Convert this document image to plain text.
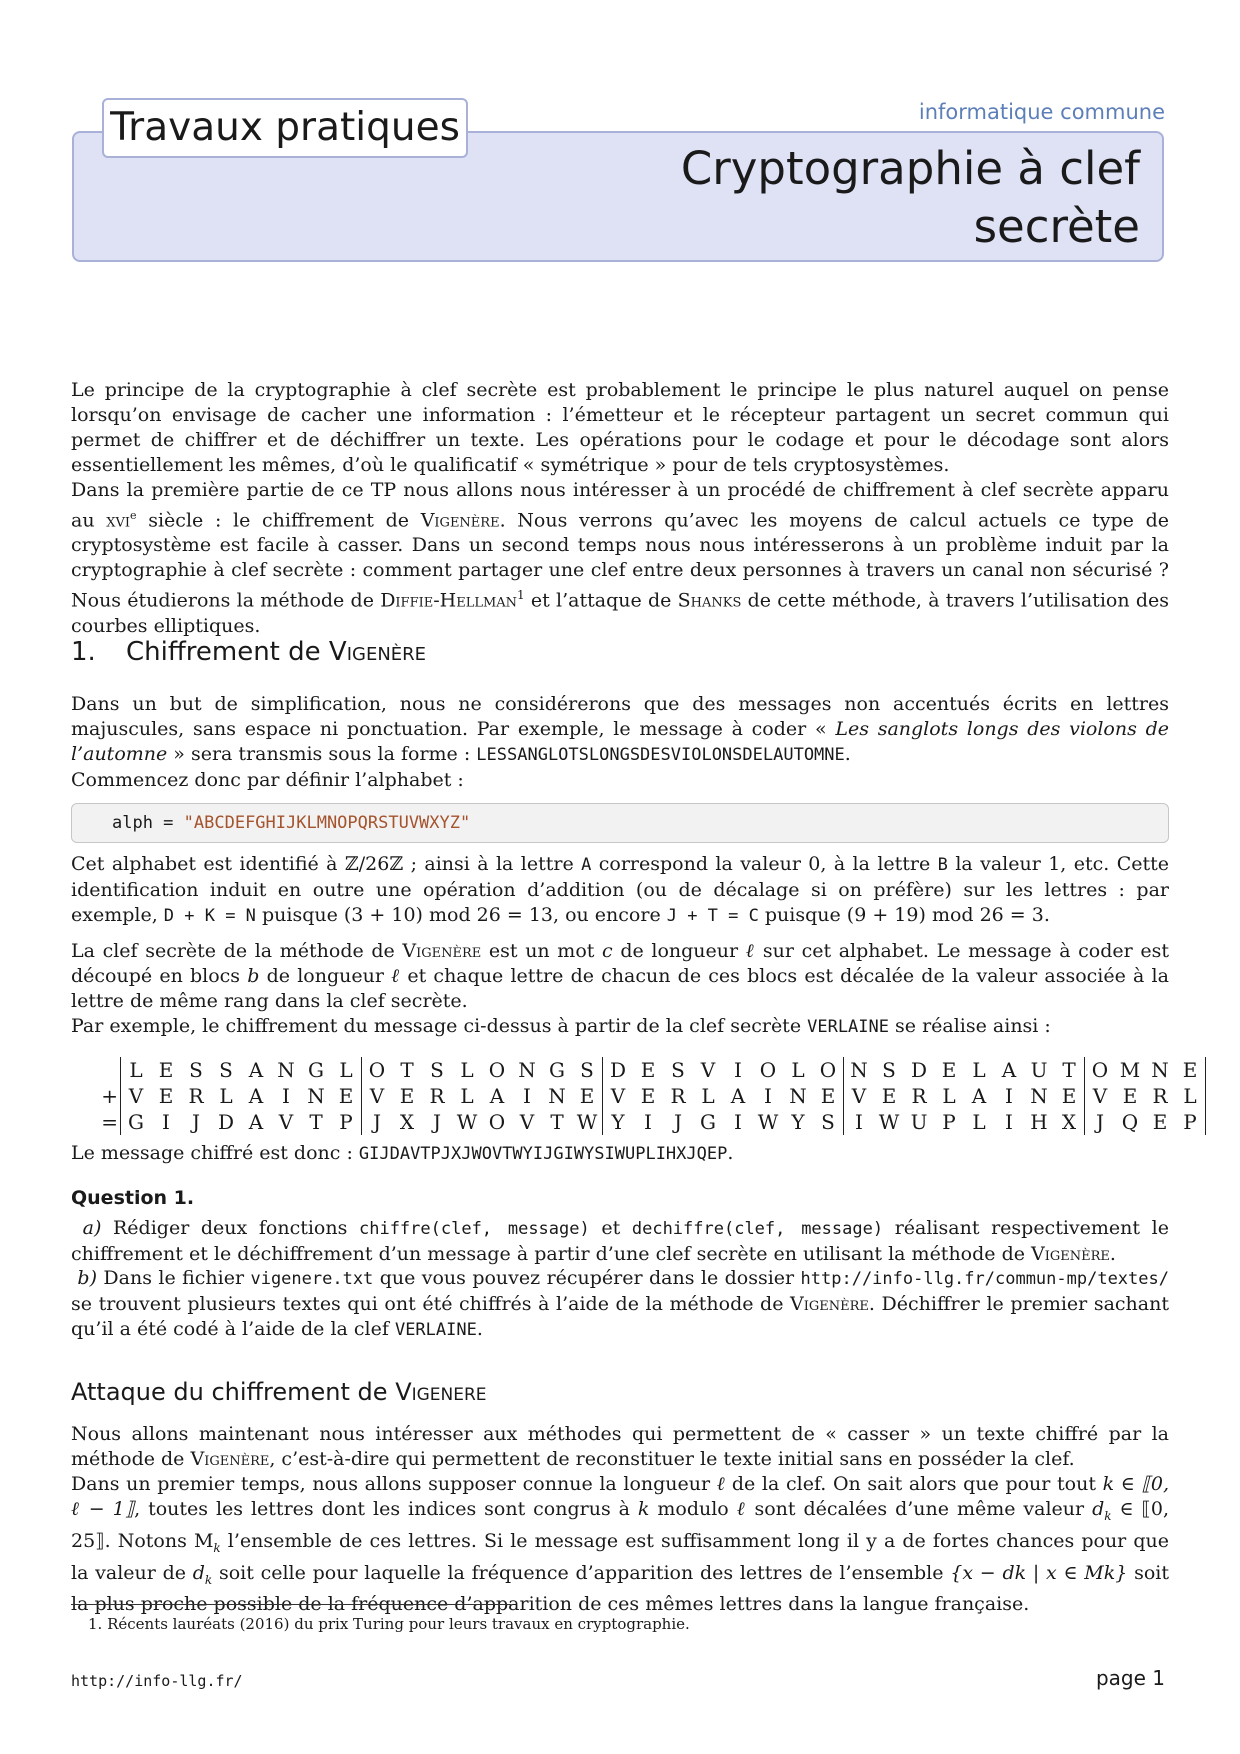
Travaux pratiques	informatique commune
Cryptographie à clef secrète

Le principe de la cryptographie à clef secrète est probablement le principe le plus naturel auquel on pense lorsqu’on envisage de cacher une information : l’émetteur et le récepteur partagent un secret commun qui permet de chiffrer et de déchiffrer un texte. Les opérations pour le codage et pour le décodage sont alors essentiellement les mêmes, d’où le qualificatif « symétrique » pour de tels cryptosystèmes.

Dans la première partie de ce TP nous allons nous intéresser à un procédé de chiffrement à clef secrète apparu au xvi$^e$ siècle : le chiffrement de Vigenère. Nous verrons qu’avec les moyens de calcul actuels ce type de cryptosystème est facile à casser. Dans un second temps nous nous intéresserons à un problème induit par la cryptographie à clef secrète : comment partager une clef entre deux personnes à travers un canal non sécurisé ? Nous étudierons la méthode de Diffie-Hellman$^1$ et l’attaque de Shanks de cette méthode, à travers l’utilisation des courbes elliptiques.

1. Chiffrement de Vigenère

Dans un but de simplification, nous ne considérerons que des messages non accentués écrits en lettres majuscules, sans espace ni ponctuation. Par exemple, le message à coder « Les sanglots longs des violons de l’automne » sera transmis sous la forme : LESSANGLOTSLONGSDESVIOLONSDELAUTOMNE.

Commencez donc par définir l’alphabet :

alph = "ABCDEFGHIJKLMNOPQRSTUVWXYZ"

Cet alphabet est identifié à ℤ/26ℤ ; ainsi à la lettre A correspond la valeur 0, à la lettre B la valeur 1, etc. Cette identification induit en outre une opération d’addition (ou de décalage si on préfère) sur les lettres : par exemple, D + K = N puisque (3 + 10) mod 26 = 13, ou encore J + T = C puisque (9 + 19) mod 26 = 3.

La clef secrète de la méthode de Vigenère est un mot c de longueur ℓ sur cet alphabet. Le message à coder est découpé en blocs b de longueur ℓ et chaque lettre de chacun de ces blocs est décalée de la valeur associée à la lettre de même rang dans la clef secrète.

Par exemple, le chiffrement du message ci-dessus à partir de la clef secrète VERLAINE se réalise ainsi :

	L	E	S	S	A	N	G	L	O	T	S	L	O	N	G	S	D	E	S	V	I	O	L	O	N	S	D	E	L	A	U	T	O	M	N	E
+	V	E	R	L	A	I	N	E	V	E	R	L	A	I	N	E	V	E	R	L	A	I	N	E	V	E	R	L	A	I	N	E	V	E	R	L
=	G	I	J	D	A	V	T	P	J	X	J	W	O	V	T	W	Y	I	J	G	I	W	Y	S	I	W	U	P	L	I	H	X	J	Q	E	P

Le message chiffré est donc : GIJDAVTPJXJWOVTWYIJGIWYSIWUPLIHXJQEP.

Question 1.

a) Rédiger deux fonctions chiffre(clef, message) et dechiffre(clef, message) réalisant respectivement le chiffrement et le déchiffrement d’un message à partir d’une clef secrète en utilisant la méthode de Vigenère.

b) Dans le fichier vigenere.txt que vous pouvez récupérer dans le dossier http://info-llg.fr/commun-mp/textes/ se trouvent plusieurs textes qui ont été chiffrés à l’aide de la méthode de Vigenère. Déchiffrer le premier sachant qu’il a été codé à l’aide de la clef VERLAINE.

Attaque du chiffrement de Vigenere

Nous allons maintenant nous intéresser aux méthodes qui permettent de « casser » un texte chiffré par la méthode de Vigenère, c’est-à-dire qui permettent de reconstituer le texte initial sans en posséder la clef.

Dans un premier temps, nous allons supposer connue la longueur ℓ de la clef. On sait alors que pour tout k ∈ ⟦0, ℓ − 1⟧, toutes les lettres dont les indices sont congrus à k modulo ℓ sont décalées d’une même valeur $d_k$ ∈ ⟦0, 25⟧. Notons $M_k$ l’ensemble de ces lettres. Si le message est suffisamment long il y a de fortes chances pour que la valeur de $d_k$ soit celle pour laquelle la fréquence d’apparition des lettres de l’ensemble {x − dk | x ∈ Mk} soit la plus proche possible de la fréquence d’apparition de ces mêmes lettres dans la langue française.

1. Récents lauréats (2016) du prix Turing pour leurs travaux en cryptographie.
http://info-llg.fr/	page 1
